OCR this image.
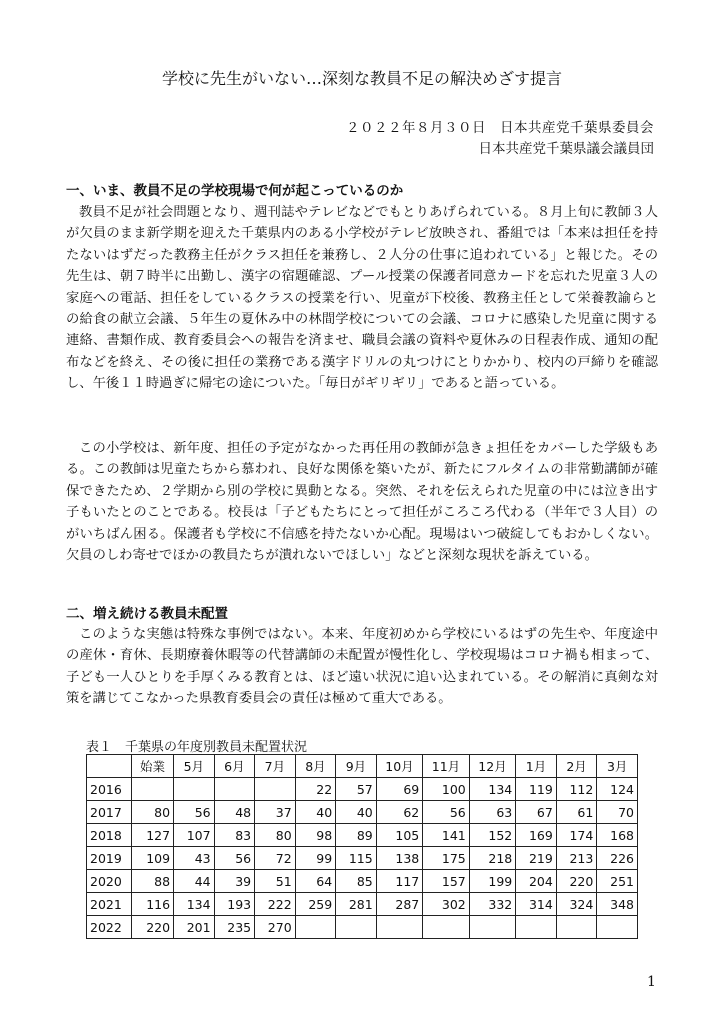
学校に先生がいない…深刻な教員不足の解決めざす提言
２０２２年８月３０日　日本共産党千葉県委員会
日本共産党千葉県議会議員団
一、いま、教員不足の学校現場で何が起こっているのか

教員不足が社会問題となり、週刊誌やテレビなどでもとりあげられている。８月上旬に教師３人が欠員のまま新学期を迎えた千葉県内のある小学校がテレビ放映され、番組では「本来は担任を持たないはずだった教務主任がクラス担任を兼務し、２人分の仕事に追われている」と報じた。その先生は、朝７時半に出勤し、漢字の宿題確認、プール授業の保護者同意カードを忘れた児童３人の家庭への電話、担任をしているクラスの授業を行い、児童が下校後、教務主任として栄養教諭らとの給食の献立会議、５年生の夏休み中の林間学校についての会議、コロナに感染した児童に関する連絡、書類作成、教育委員会への報告を済ませ、職員会議の資料や夏休みの日程表作成、通知の配布などを終え、その後に担任の業務である漢字ドリルの丸つけにとりかかり、校内の戸締りを確認し、午後１１時過ぎに帰宅の途についた。「毎日がギリギリ」であると語っている。

この小学校は、新年度、担任の予定がなかった再任用の教師が急きょ担任をカバーした学級もある。この教師は児童たちから慕われ、良好な関係を築いたが、新たにフルタイムの非常勤講師が確保できたため、２学期から別の学校に異動となる。突然、それを伝えられた児童の中には泣き出す子もいたとのことである。校長は「子どもたちにとって担任がころころ代わる（半年で３人目）のがいちばん困る。保護者も学校に不信感を持たないか心配。現場はいつ破綻してもおかしくない。欠員のしわ寄せでほかの教員たちが潰れないでほしい」などと深刻な現状を訴えている。

二、増え続ける教員未配置

このような実態は特殊な事例ではない。本来、年度初めから学校にいるはずの先生や、年度途中の産休・育休、長期療養休暇等の代替講師の未配置が慢性化し、学校現場はコロナ禍も相まって、子ども一人ひとりを手厚くみる教育とは、ほど遠い状況に追い込まれている。その解消に真剣な対策を講じてこなかった県教育委員会の責任は極めて重大である。

表１　千葉県の年度別教員未配置状況
	始業	5月	6月	7月	8月	9月	10月	11月	12月	1月	2月	3月
2016					22	57	69	100	134	119	112	124
2017	80	56	48	37	40	40	62	56	63	67	61	70
2018	127	107	83	80	98	89	105	141	152	169	174	168
2019	109	43	56	72	99	115	138	175	218	219	213	226
2020	88	44	39	51	64	85	117	157	199	204	220	251
2021	116	134	193	222	259	281	287	302	332	314	324	348
2022	220	201	235	270								
1
